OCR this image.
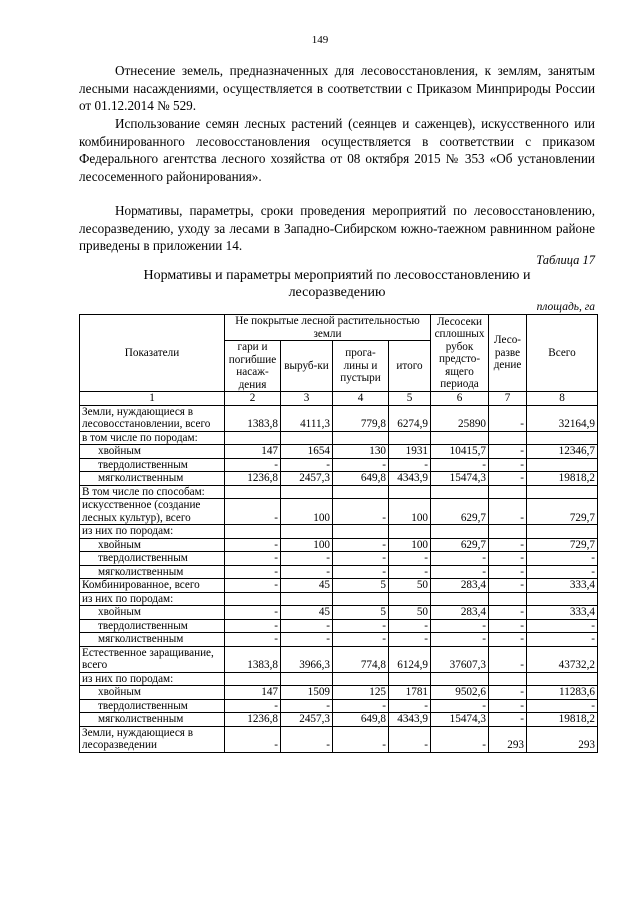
149

Отнесение земель, предназначенных для лесовосстановления, к землям, занятым лесными насаждениями, осуществляется в соответствии с Приказом Минприроды России от 01.12.2014 № 529.

Использование семян лесных растений (сеянцев и саженцев), искусственного или комбинированного лесовосстановления осуществляется в соответствии с приказом Федерального агентства лесного хозяйства от 08 октября 2015 № 353 «Об установлении лесосеменного районирования».

Нормативы, параметры, сроки проведения мероприятий по лесовосстановлению, лесоразведению, уходу за лесами в Западно-Сибирском южно-таежном равнинном районе приведены в приложении 14.

Таблица 17
Нормативы и параметры мероприятий по лесовосстановлению и
лесоразведению
площадь, га
Показатели	Не покрытые лесной растительностью земли				Лесосеки сплошных рубок предсто-ящего периода	Лесо-разве дение	Всего
	гари и погибшие насаж-дения	выруб-ки	прога-лины и пустыри	итого			
1	2	3	4	5	6	7	8
Земли, нуждающиеся в лесовосстановлении, всего	1383,8	4111,3	779,8	6274,9	25890	-	32164,9
в том числе по породам:							
хвойным	147	1654	130	1931	10415,7	-	12346,7
твердолиственным	-	-	-	-	-	-	
мягколиственным	1236,8	2457,3	649,8	4343,9	15474,3	-	19818,2
В том числе по способам:							
искусственное (создание лесных культур), всего	-	100	-	100	629,7	-	729,7
из них по породам:							
хвойным	-	100	-	100	629,7	-	729,7
твердолиственным	-	-	-	-	-	-	-
мягколиственным	-	-	-	-	-	-	-
Комбинированное, всего	-	45	5	50	283,4	-	333,4
из них по породам:							
хвойным	-	45	5	50	283,4	-	333,4
твердолиственным	-	-	-	-	-	-	-
мягколиственным	-	-	-	-	-	-	-
Естественное заращивание, всего	1383,8	3966,3	774,8	6124,9	37607,3	-	43732,2
из них по породам:							
хвойным	147	1509	125	1781	9502,6	-	11283,6
твердолиственным	-	-	-	-	-	-	-
мягколиственным	1236,8	2457,3	649,8	4343,9	15474,3	-	19818,2
Земли, нуждающиеся в лесоразведении	-	-	-	-	-	293	293
